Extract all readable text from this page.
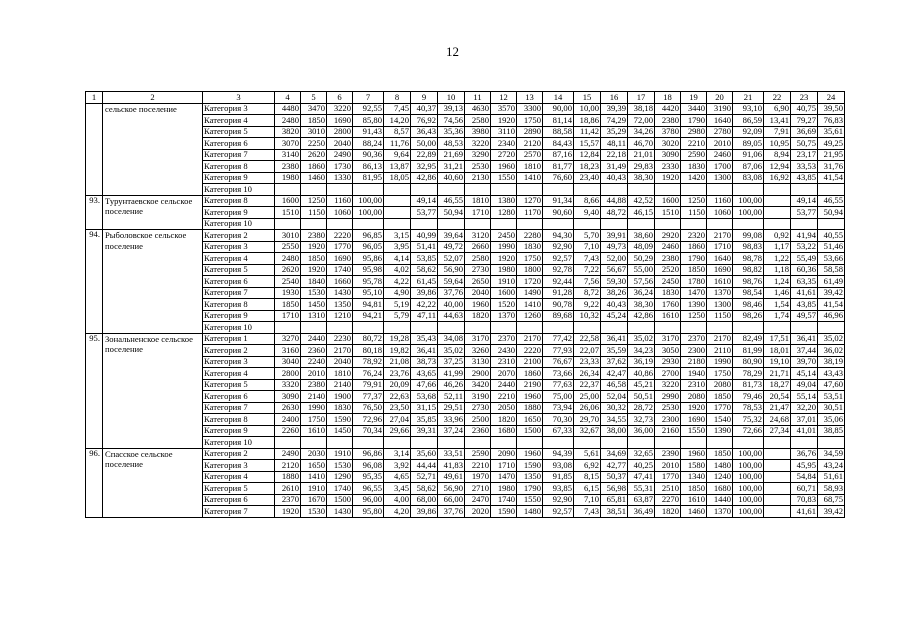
12
1	2	3	4	5	6	7	8	9	10	11	12	13	14	15	16	17	18	19	20	21	22	23	24
	сельское поселение	Категория 3	4480	3470	3220	92,55	7,45	40,37	39,13	4630	3570	3300	90,00	10,00	39,39	38,18	4420	3440	3190	93,10	6,90	40,75	39,50
		Категория 4	2480	1850	1690	85,80	14,20	76,92	74,56	2580	1920	1750	81,14	18,86	74,29	72,00	2380	1790	1640	86,59	13,41	79,27	76,83
		Категория 5	3820	3010	2800	91,43	8,57	36,43	35,36	3980	3110	2890	88,58	11,42	35,29	34,26	3780	2980	2780	92,09	7,91	36,69	35,61
		Категория 6	3070	2250	2040	88,24	11,76	50,00	48,53	3220	2340	2120	84,43	15,57	48,11	46,70	3020	2210	2010	89,05	10,95	50,75	49,25
		Категория 7	3140	2620	2490	90,36	9,64	22,89	21,69	3290	2720	2570	87,16	12,84	22,18	21,01	3090	2590	2460	91,06	8,94	23,17	21,95
		Категория 8	2380	1860	1730	86,13	13,87	32,95	31,21	2530	1960	1810	81,77	18,23	31,49	29,83	2330	1830	1700	87,06	12,94	33,53	31,76
		Категория 9	1980	1460	1330	81,95	18,05	42,86	40,60	2130	1550	1410	76,60	23,40	40,43	38,30	1920	1420	1300	83,08	16,92	43,85	41,54
		Категория 10																					
93.	Турунтаевское сельское поселение	Категория 8	1600	1250	1160	100,00		49,14	46,55	1810	1380	1270	91,34	8,66	44,88	42,52	1600	1250	1160	100,00		49,14	46,55
		Категория 9	1510	1150	1060	100,00		53,77	50,94	1710	1280	1170	90,60	9,40	48,72	46,15	1510	1150	1060	100,00		53,77	50,94
		Категория 10																					
94.	Рыболовское сельское поселение	Категория 2	3010	2380	2220	96,85	3,15	40,99	39,64	3120	2450	2280	94,30	5,70	39,91	38,60	2920	2320	2170	99,08	0,92	41,94	40,55
		Категория 3	2550	1920	1770	96,05	3,95	51,41	49,72	2660	1990	1830	92,90	7,10	49,73	48,09	2460	1860	1710	98,83	1,17	53,22	51,46
		Категория 4	2480	1850	1690	95,86	4,14	53,85	52,07	2580	1920	1750	92,57	7,43	52,00	50,29	2380	1790	1640	98,78	1,22	55,49	53,66
		Категория 5	2620	1920	1740	95,98	4,02	58,62	56,90	2730	1980	1800	92,78	7,22	56,67	55,00	2520	1850	1690	98,82	1,18	60,36	58,58
		Категория 6	2540	1840	1660	95,78	4,22	61,45	59,64	2650	1910	1720	92,44	7,56	59,30	57,56	2450	1780	1610	98,76	1,24	63,35	61,49
		Категория 7	1930	1530	1430	95,10	4,90	39,86	37,76	2040	1600	1490	91,28	8,72	38,26	36,24	1830	1470	1370	98,54	1,46	41,61	39,42
		Категория 8	1850	1450	1350	94,81	5,19	42,22	40,00	1960	1520	1410	90,78	9,22	40,43	38,30	1760	1390	1300	98,46	1,54	43,85	41,54
		Категория 9	1710	1310	1210	94,21	5,79	47,11	44,63	1820	1370	1260	89,68	10,32	45,24	42,86	1610	1250	1150	98,26	1,74	49,57	46,96
		Категория 10																					
95.	Зональненское сельское поселение	Категория 1	3270	2440	2230	80,72	19,28	35,43	34,08	3170	2370	2170	77,42	22,58	36,41	35,02	3170	2370	2170	82,49	17,51	36,41	35,02
		Категория 2	3160	2360	2170	80,18	19,82	36,41	35,02	3260	2430	2220	77,93	22,07	35,59	34,23	3050	2300	2110	81,99	18,01	37,44	36,02
		Категория 3	3040	2240	2040	78,92	21,08	38,73	37,25	3130	2310	2100	76,67	23,33	37,62	36,19	2930	2180	1990	80,90	19,10	39,70	38,19
		Категория 4	2800	2010	1810	76,24	23,76	43,65	41,99	2900	2070	1860	73,66	26,34	42,47	40,86	2700	1940	1750	78,29	21,71	45,14	43,43
		Категория 5	3320	2380	2140	79,91	20,09	47,66	46,26	3420	2440	2190	77,63	22,37	46,58	45,21	3220	2310	2080	81,73	18,27	49,04	47,60
		Категория 6	3090	2140	1900	77,37	22,63	53,68	52,11	3190	2210	1960	75,00	25,00	52,04	50,51	2990	2080	1850	79,46	20,54	55,14	53,51
		Категория 7	2630	1990	1830	76,50	23,50	31,15	29,51	2730	2050	1880	73,94	26,06	30,32	28,72	2530	1920	1770	78,53	21,47	32,20	30,51
		Категория 8	2400	1750	1590	72,96	27,04	35,85	33,96	2500	1820	1650	70,30	29,70	34,55	32,73	2300	1690	1540	75,32	24,68	37,01	35,06
		Категория 9	2260	1610	1450	70,34	29,66	39,31	37,24	2360	1680	1500	67,33	32,67	38,00	36,00	2160	1550	1390	72,66	27,34	41,01	38,85
		Категория 10																					
96.	Спасское сельское поселение	Категория 2	2490	2030	1910	96,86	3,14	35,60	33,51	2590	2090	1960	94,39	5,61	34,69	32,65	2390	1960	1850	100,00		36,76	34,59
		Категория 3	2120	1650	1530	96,08	3,92	44,44	41,83	2210	1710	1590	93,08	6,92	42,77	40,25	2010	1580	1480	100,00		45,95	43,24
		Категория 4	1880	1410	1290	95,35	4,65	52,71	49,61	1970	1470	1350	91,85	8,15	50,37	47,41	1770	1340	1240	100,00		54,84	51,61
		Категория 5	2610	1910	1740	96,55	3,45	58,62	56,90	2710	1980	1790	93,85	6,15	56,98	55,31	2510	1850	1680	100,00		60,71	58,93
		Категория 6	2370	1670	1500	96,00	4,00	68,00	66,00	2470	1740	1550	92,90	7,10	65,81	63,87	2270	1610	1440	100,00		70,83	68,75
		Категория 7	1920	1530	1430	95,80	4,20	39,86	37,76	2020	1590	1480	92,57	7,43	38,51	36,49	1820	1460	1370	100,00		41,61	39,42
